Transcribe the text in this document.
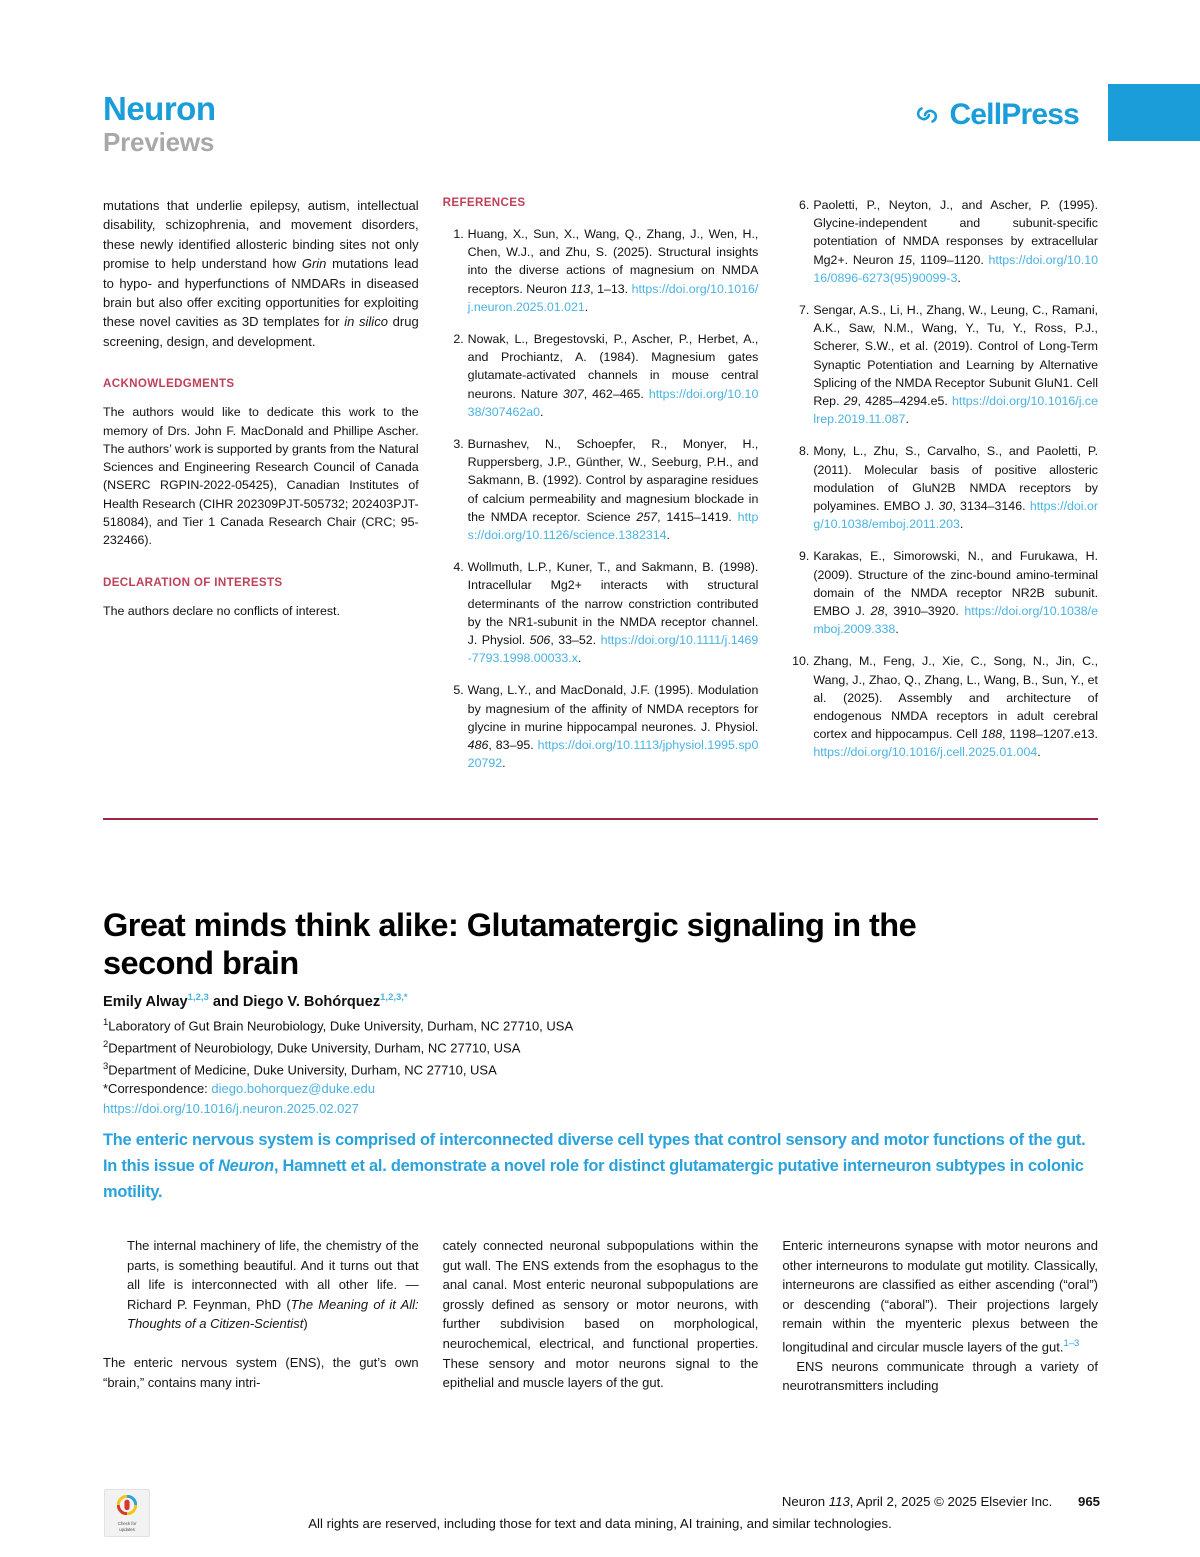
Neuron
Previews
CellPress
mutations that underlie epilepsy, autism, intellectual disability, schizophrenia, and movement disorders, these newly identified allosteric binding sites not only promise to help understand how Grin mutations lead to hypo- and hyperfunctions of NMDARs in diseased brain but also offer exciting opportunities for exploiting these novel cavities as 3D templates for in silico drug screening, design, and development.
ACKNOWLEDGMENTS
The authors would like to dedicate this work to the memory of Drs. John F. MacDonald and Phillipe Ascher. The authors’ work is supported by grants from the Natural Sciences and Engineering Research Council of Canada (NSERC RGPIN-2022-05425), Canadian Institutes of Health Research (CIHR 202309PJT-505732; 202403PJT-518084), and Tier 1 Canada Research Chair (CRC; 95-232466).
DECLARATION OF INTERESTS
The authors declare no conflicts of interest.
REFERENCES
1. Huang, X., Sun, X., Wang, Q., Zhang, J., Wen, H., Chen, W.J., and Zhu, S. (2025). Structural insights into the diverse actions of magnesium on NMDA receptors. Neuron 113, 1–13. https://doi.org/10.1016/j.neuron.2025.01.021.
2. Nowak, L., Bregestovski, P., Ascher, P., Herbet, A., and Prochiantz, A. (1984). Magnesium gates glutamate-activated channels in mouse central neurons. Nature 307, 462–465. https://doi.org/10.1038/307462a0.
3. Burnashev, N., Schoepfer, R., Monyer, H., Ruppersberg, J.P., Günther, W., Seeburg, P.H., and Sakmann, B. (1992). Control by asparagine residues of calcium permeability and magnesium blockade in the NMDA receptor. Science 257, 1415–1419. https://doi.org/10.1126/science.1382314.
4. Wollmuth, L.P., Kuner, T., and Sakmann, B. (1998). Intracellular Mg2+ interacts with structural determinants of the narrow constriction contributed by the NR1-subunit in the NMDA receptor channel. J. Physiol. 506, 33–52. https://doi.org/10.1111/j.1469-7793.1998.00033.x.
5. Wang, L.Y., and MacDonald, J.F. (1995). Modulation by magnesium of the affinity of NMDA receptors for glycine in murine hippocampal neurones. J. Physiol. 486, 83–95. https://doi.org/10.1113/jphysiol.1995.sp020792.
6. Paoletti, P., Neyton, J., and Ascher, P. (1995). Glycine-independent and subunit-specific potentiation of NMDA responses by extracellular Mg2+. Neuron 15, 1109–1120. https://doi.org/10.1016/0896-6273(95)90099-3.
7. Sengar, A.S., Li, H., Zhang, W., Leung, C., Ramani, A.K., Saw, N.M., Wang, Y., Tu, Y., Ross, P.J., Scherer, S.W., et al. (2019). Control of Long-Term Synaptic Potentiation and Learning by Alternative Splicing of the NMDA Receptor Subunit GluN1. Cell Rep. 29, 4285–4294.e5. https://doi.org/10.1016/j.celrep.2019.11.087.
8. Mony, L., Zhu, S., Carvalho, S., and Paoletti, P. (2011). Molecular basis of positive allosteric modulation of GluN2B NMDA receptors by polyamines. EMBO J. 30, 3134–3146. https://doi.org/10.1038/emboj.2011.203.
9. Karakas, E., Simorowski, N., and Furukawa, H. (2009). Structure of the zinc-bound amino-terminal domain of the NMDA receptor NR2B subunit. EMBO J. 28, 3910–3920. https://doi.org/10.1038/emboj.2009.338.
10. Zhang, M., Feng, J., Xie, C., Song, N., Jin, C., Wang, J., Zhao, Q., Zhang, L., Wang, B., Sun, Y., et al. (2025). Assembly and architecture of endogenous NMDA receptors in adult cerebral cortex and hippocampus. Cell 188, 1198–1207.e13. https://doi.org/10.1016/j.cell.2025.01.004.
Great minds think alike: Glutamatergic signaling in the second brain
Emily Alway$^{1,2,3}$ and Diego V. Bohórquez$^{1,2,3,*}$
$^1$Laboratory of Gut Brain Neurobiology, Duke University, Durham, NC 27710, USA
$^2$Department of Neurobiology, Duke University, Durham, NC 27710, USA
$^3$Department of Medicine, Duke University, Durham, NC 27710, USA
*Correspondence: diego.bohorquez@duke.edu
https://doi.org/10.1016/j.neuron.2025.02.027
The enteric nervous system is comprised of interconnected diverse cell types that control sensory and motor functions of the gut. In this issue of Neuron, Hamnett et al. demonstrate a novel role for distinct glutamatergic putative interneuron subtypes in colonic motility.

The internal machinery of life, the chemistry of the parts, is something beautiful. And it turns out that all life is interconnected with all other life. —Richard P. Feynman, PhD (The Meaning of it All: Thoughts of a Citizen-Scientist)

The enteric nervous system (ENS), the gut’s own “brain,” contains many intri-

cately connected neuronal subpopulations within the gut wall. The ENS extends from the esophagus to the anal canal. Most enteric neuronal subpopulations are grossly defined as sensory or motor neurons, with further subdivision based on morphological, neurochemical, electrical, and functional properties. These sensory and motor neurons signal to the epithelial and muscle layers of the gut.

Enteric interneurons synapse with motor neurons and other interneurons to modulate gut motility. Classically, interneurons are classified as either ascending (“oral”) or descending (“aboral”). Their projections largely remain within the myenteric plexus between the longitudinal and circular muscle layers of the gut.$^{1-3}$

ENS neurons communicate through a variety of neurotransmitters including

Check for
updates
Neuron 113, April 2, 2025 © 2025 Elsevier Inc. 965
All rights are reserved, including those for text and data mining, AI training, and similar technologies.
